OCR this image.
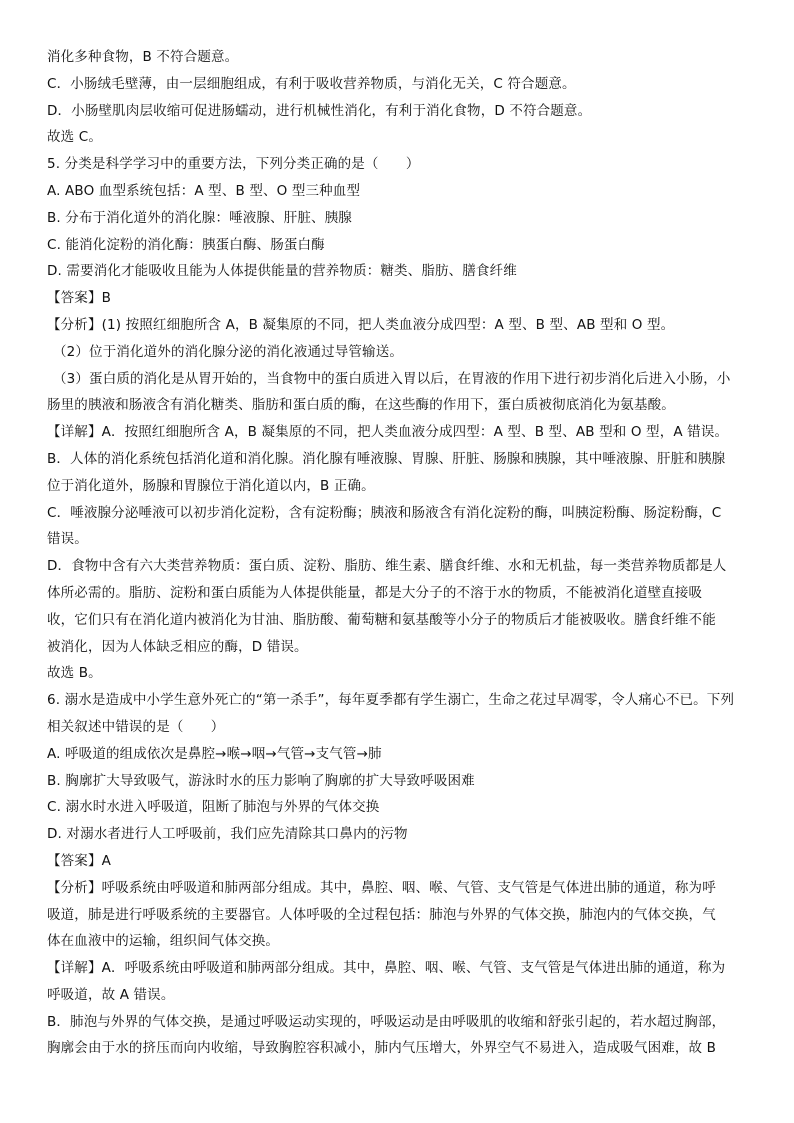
消化多种食物，B 不符合题意。
C．小肠绒毛壁薄，由一层细胞组成，有利于吸收营养物质，与消化无关，C 符合题意。
D．小肠壁肌肉层收缩可促进肠蠕动，进行机械性消化，有利于消化食物，D 不符合题意。
故选 C。
5. 分类是科学学习中的重要方法，下列分类正确的是（　　）
A. ABO 血型系统包括：A 型、B 型、O 型三种血型
B. 分布于消化道外的消化腺：唾液腺、肝脏、胰腺
C. 能消化淀粉的消化酶：胰蛋白酶、肠蛋白酶
D. 需要消化才能吸收且能为人体提供能量的营养物质：糖类、脂肪、膳食纤维
【答案】B
【分析】(1) 按照红细胞所含 A，B 凝集原的不同，把人类血液分成四型：A 型、B 型、AB 型和 O 型。
（2）位于消化道外的消化腺分泌的消化液通过导管输送。
（3）蛋白质的消化是从胃开始的，当食物中的蛋白质进入胃以后，在胃液的作用下进行初步消化后进入小肠，小
肠里的胰液和肠液含有消化糖类、脂肪和蛋白质的酶，在这些酶的作用下，蛋白质被彻底消化为氨基酸。
【详解】A．按照红细胞所含 A，B 凝集原的不同，把人类血液分成四型：A 型、B 型、AB 型和 O 型，A 错误。
B．人体的消化系统包括消化道和消化腺。消化腺有唾液腺、胃腺、肝脏、肠腺和胰腺，其中唾液腺、肝脏和胰腺
位于消化道外，肠腺和胃腺位于消化道以内，B 正确。
C．唾液腺分泌唾液可以初步消化淀粉，含有淀粉酶；胰液和肠液含有消化淀粉的酶，叫胰淀粉酶、肠淀粉酶，C
错误。
D．食物中含有六大类营养物质：蛋白质、淀粉、脂肪、维生素、膳食纤维、水和无机盐，每一类营养物质都是人
体所必需的。脂肪、淀粉和蛋白质能为人体提供能量，都是大分子的不溶于水的物质，不能被消化道壁直接吸
收，它们只有在消化道内被消化为甘油、脂肪酸、葡萄糖和氨基酸等小分子的物质后才能被吸收。膳食纤维不能
被消化，因为人体缺乏相应的酶，D 错误。
故选 B。
6. 溺水是造成中小学生意外死亡的“第一杀手”，每年夏季都有学生溺亡，生命之花过早凋零，令人痛心不已。下列
相关叙述中错误的是（　　）
A. 呼吸道的组成依次是鼻腔→喉→咽→气管→支气管→肺
B. 胸廓扩大导致吸气，游泳时水的压力影响了胸廓的扩大导致呼吸困难
C. 溺水时水进入呼吸道，阻断了肺泡与外界的气体交换
D. 对溺水者进行人工呼吸前，我们应先清除其口鼻内的污物
【答案】A
【分析】呼吸系统由呼吸道和肺两部分组成。其中，鼻腔、咽、喉、气管、支气管是气体进出肺的通道，称为呼
吸道，肺是进行呼吸系统的主要器官。人体呼吸的全过程包括：肺泡与外界的气体交换，肺泡内的气体交换，气
体在血液中的运输，组织间气体交换。
【详解】A．呼吸系统由呼吸道和肺两部分组成。其中，鼻腔、咽、喉、气管、支气管是气体进出肺的通道，称为
呼吸道，故 A 错误。
B．肺泡与外界的气体交换，是通过呼吸运动实现的，呼吸运动是由呼吸肌的收缩和舒张引起的，若水超过胸部，
胸廓会由于水的挤压而向内收缩，导致胸腔容积减小，肺内气压增大，外界空气不易进入，造成吸气困难，故 B
